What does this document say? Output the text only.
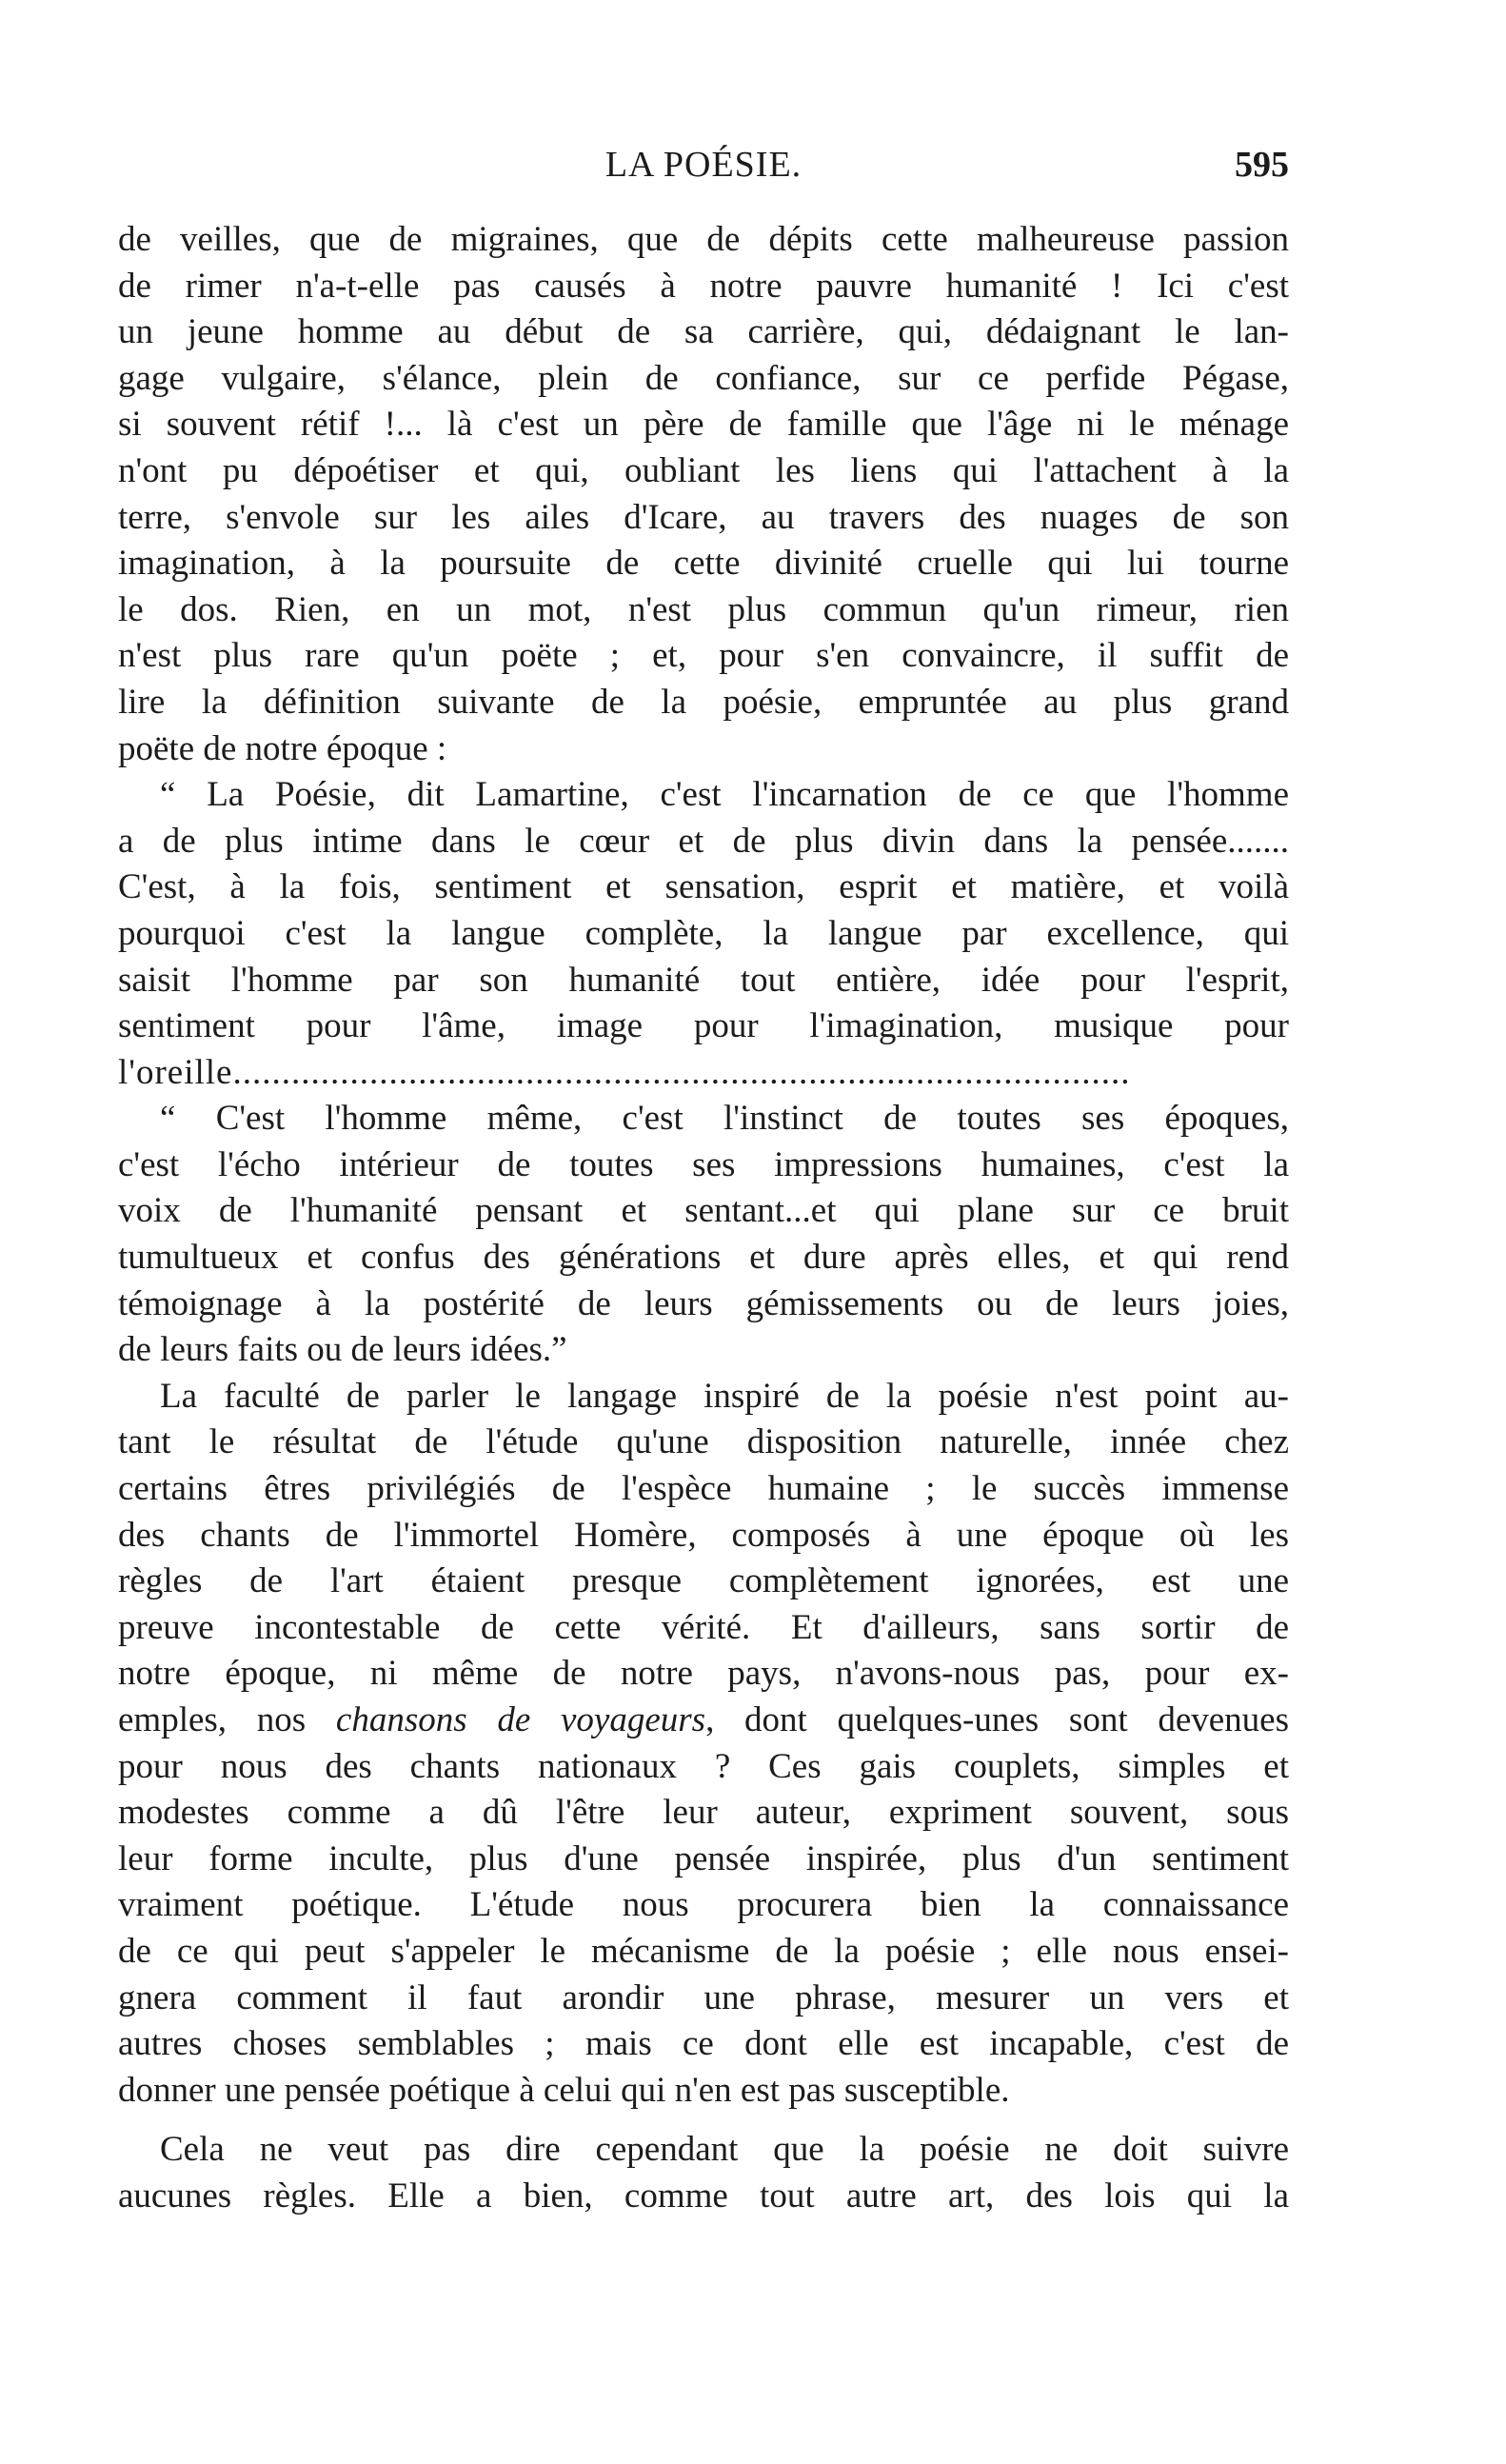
LA POÉSIE.	595
de veilles, que de migraines, que de dépits cette malheureuse passion
de rimer n'a-t-elle pas causés à notre pauvre humanité ! Ici c'est
un jeune homme au début de sa carrière, qui, dédaignant le lan-
gage vulgaire, s'élance, plein de confiance, sur ce perfide Pégase,
si souvent rétif !... là c'est un père de famille que l'âge ni le ménage
n'ont pu dépoétiser et qui, oubliant les liens qui l'attachent à la
terre, s'envole sur les ailes d'Icare, au travers des nuages de son
imagination, à la poursuite de cette divinité cruelle qui lui tourne
le dos. Rien, en un mot, n'est plus commun qu'un rimeur, rien
n'est plus rare qu'un poëte ; et, pour s'en convaincre, il suffit de
lire la définition suivante de la poésie, empruntée au plus grand
poëte de notre époque :
“ La Poésie, dit Lamartine, c'est l'incarnation de ce que l'homme
a de plus intime dans le cœur et de plus divin dans la pensée.......
C'est, à la fois, sentiment et sensation, esprit et matière, et voilà
pourquoi c'est la langue complète, la langue par excellence, qui
saisit l'homme par son humanité tout entière, idée pour l'esprit,
sentiment pour l'âme, image pour l'imagination, musique pour
l'oreille............................................................................................
“ C'est l'homme même, c'est l'instinct de toutes ses époques,
c'est l'écho intérieur de toutes ses impressions humaines, c'est la
voix de l'humanité pensant et sentant...et qui plane sur ce bruit
tumultueux et confus des générations et dure après elles, et qui rend
témoignage à la postérité de leurs gémissements ou de leurs joies,
de leurs faits ou de leurs idées.”
La faculté de parler le langage inspiré de la poésie n'est point au-
tant le résultat de l'étude qu'une disposition naturelle, innée chez
certains êtres privilégiés de l'espèce humaine ; le succès immense
des chants de l'immortel Homère, composés à une époque où les
règles de l'art étaient presque complètement ignorées, est une
preuve incontestable de cette vérité. Et d'ailleurs, sans sortir de
notre époque, ni même de notre pays, n'avons-nous pas, pour ex-
emples, nos chansons de voyageurs, dont quelques-unes sont devenues
pour nous des chants nationaux ? Ces gais couplets, simples et
modestes comme a dû l'être leur auteur, expriment souvent, sous
leur forme inculte, plus d'une pensée inspirée, plus d'un sentiment
vraiment poétique. L'étude nous procurera bien la connaissance
de ce qui peut s'appeler le mécanisme de la poésie ; elle nous ensei-
gnera comment il faut arondir une phrase, mesurer un vers et
autres choses semblables ; mais ce dont elle est incapable, c'est de
donner une pensée poétique à celui qui n'en est pas susceptible.
Cela ne veut pas dire cependant que la poésie ne doit suivre
aucunes règles. Elle a bien, comme tout autre art, des lois qui la
